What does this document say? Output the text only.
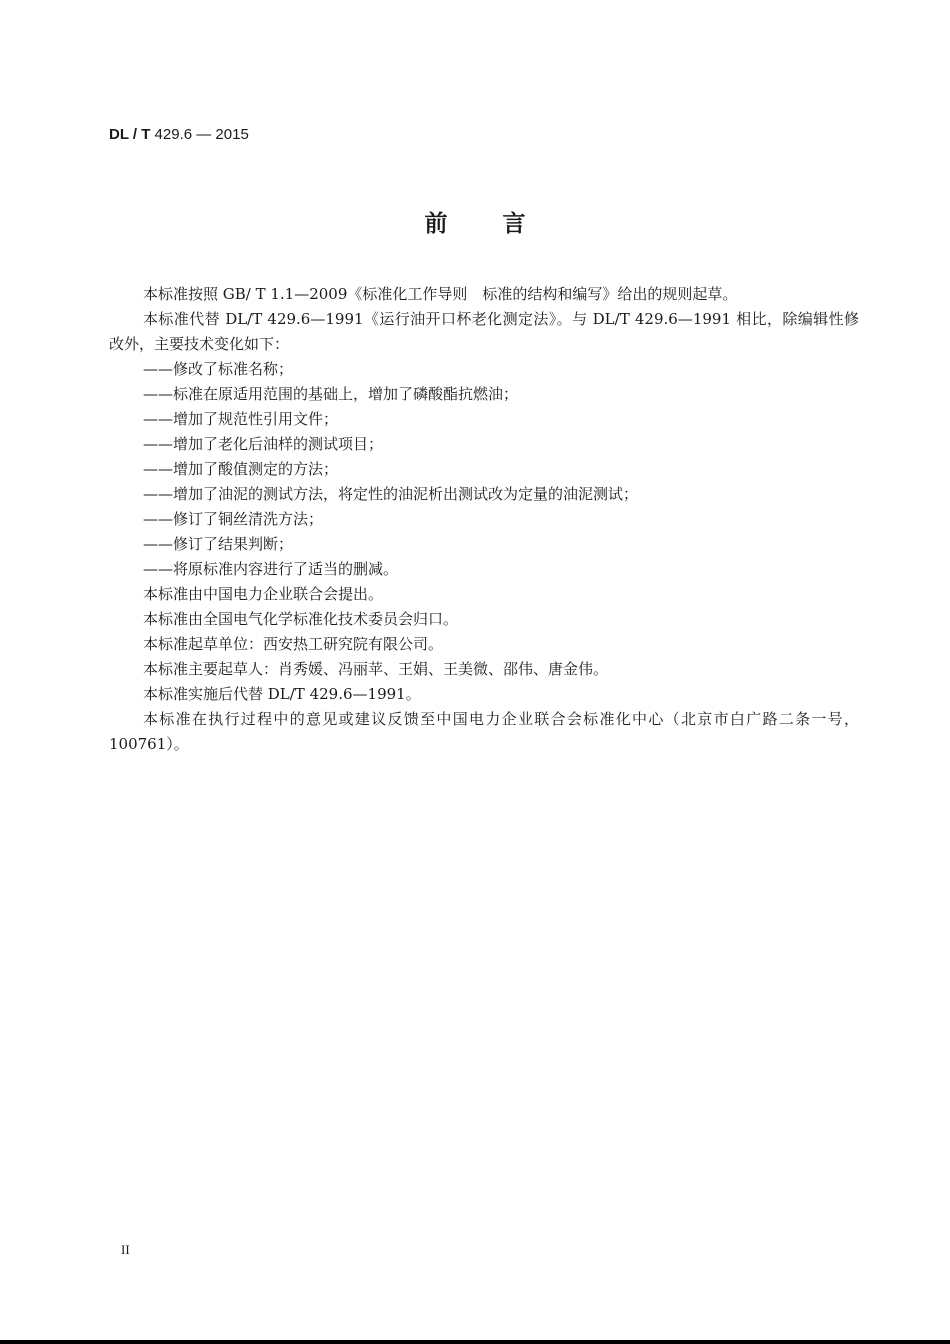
DL / T 429.6 — 2015
前言

本标准按照 GB/ T 1.1—2009《标准化工作导则　标准的结构和编写》给出的规则起草。

本标准代替 DL/T 429.6—1991《运行油开口杯老化测定法》。与 DL/T 429.6—1991 相比，除编辑性修改外，主要技术变化如下：

——修改了标准名称；

——标准在原适用范围的基础上，增加了磷酸酯抗燃油；

——增加了规范性引用文件；

——增加了老化后油样的测试项目；

——增加了酸值测定的方法；

——增加了油泥的测试方法，将定性的油泥析出测试改为定量的油泥测试；

——修订了铜丝清洗方法；

——修订了结果判断；

——将原标准内容进行了适当的删减。

本标准由中国电力企业联合会提出。

本标准由全国电气化学标准化技术委员会归口。

本标准起草单位：西安热工研究院有限公司。

本标准主要起草人：肖秀媛、冯丽苹、王娟、王美微、邵伟、唐金伟。

本标准实施后代替 DL/T 429.6—1991。

本标准在执行过程中的意见或建议反馈至中国电力企业联合会标准化中心（北京市白广路二条一号，100761）。

II
